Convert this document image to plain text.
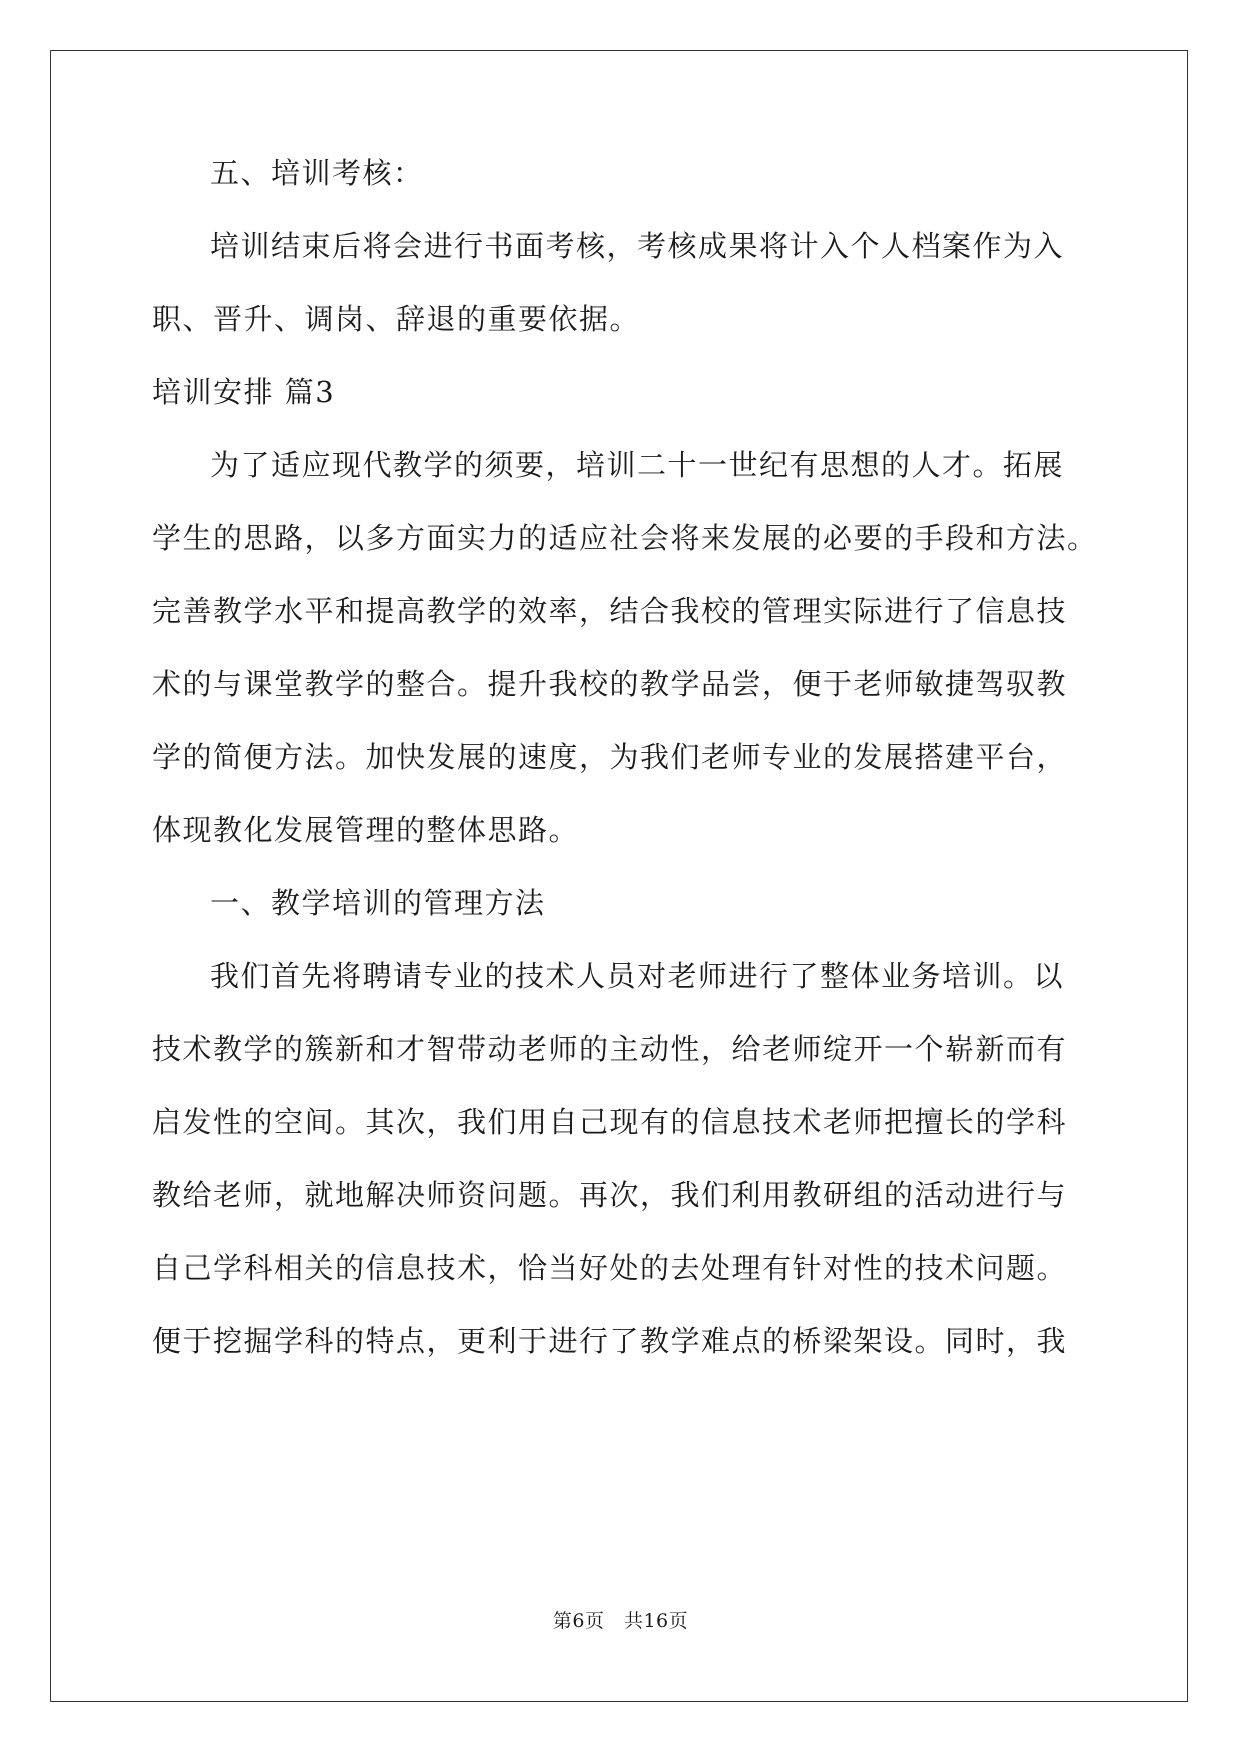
五、培训考核：
培训结束后将会进行书面考核，考核成果将计入个人档案作为入
职、晋升、调岗、辞退的重要依据。
培训安排 篇3
为了适应现代教学的须要，培训二十一世纪有思想的人才。拓展
学生的思路，以多方面实力的适应社会将来发展的必要的手段和方法。
完善教学水平和提高教学的效率，结合我校的管理实际进行了信息技
术的与课堂教学的整合。提升我校的教学品尝，便于老师敏捷驾驭教
学的简便方法。加快发展的速度，为我们老师专业的发展搭建平台，
体现教化发展管理的整体思路。
一、教学培训的管理方法
我们首先将聘请专业的技术人员对老师进行了整体业务培训。以
技术教学的簇新和才智带动老师的主动性，给老师绽开一个崭新而有
启发性的空间。其次，我们用自己现有的信息技术老师把擅长的学科
教给老师，就地解决师资问题。再次，我们利用教研组的活动进行与
自己学科相关的信息技术，恰当好处的去处理有针对性的技术问题。
便于挖掘学科的特点，更利于进行了教学难点的桥梁架设。同时，我
第6页　共16页
